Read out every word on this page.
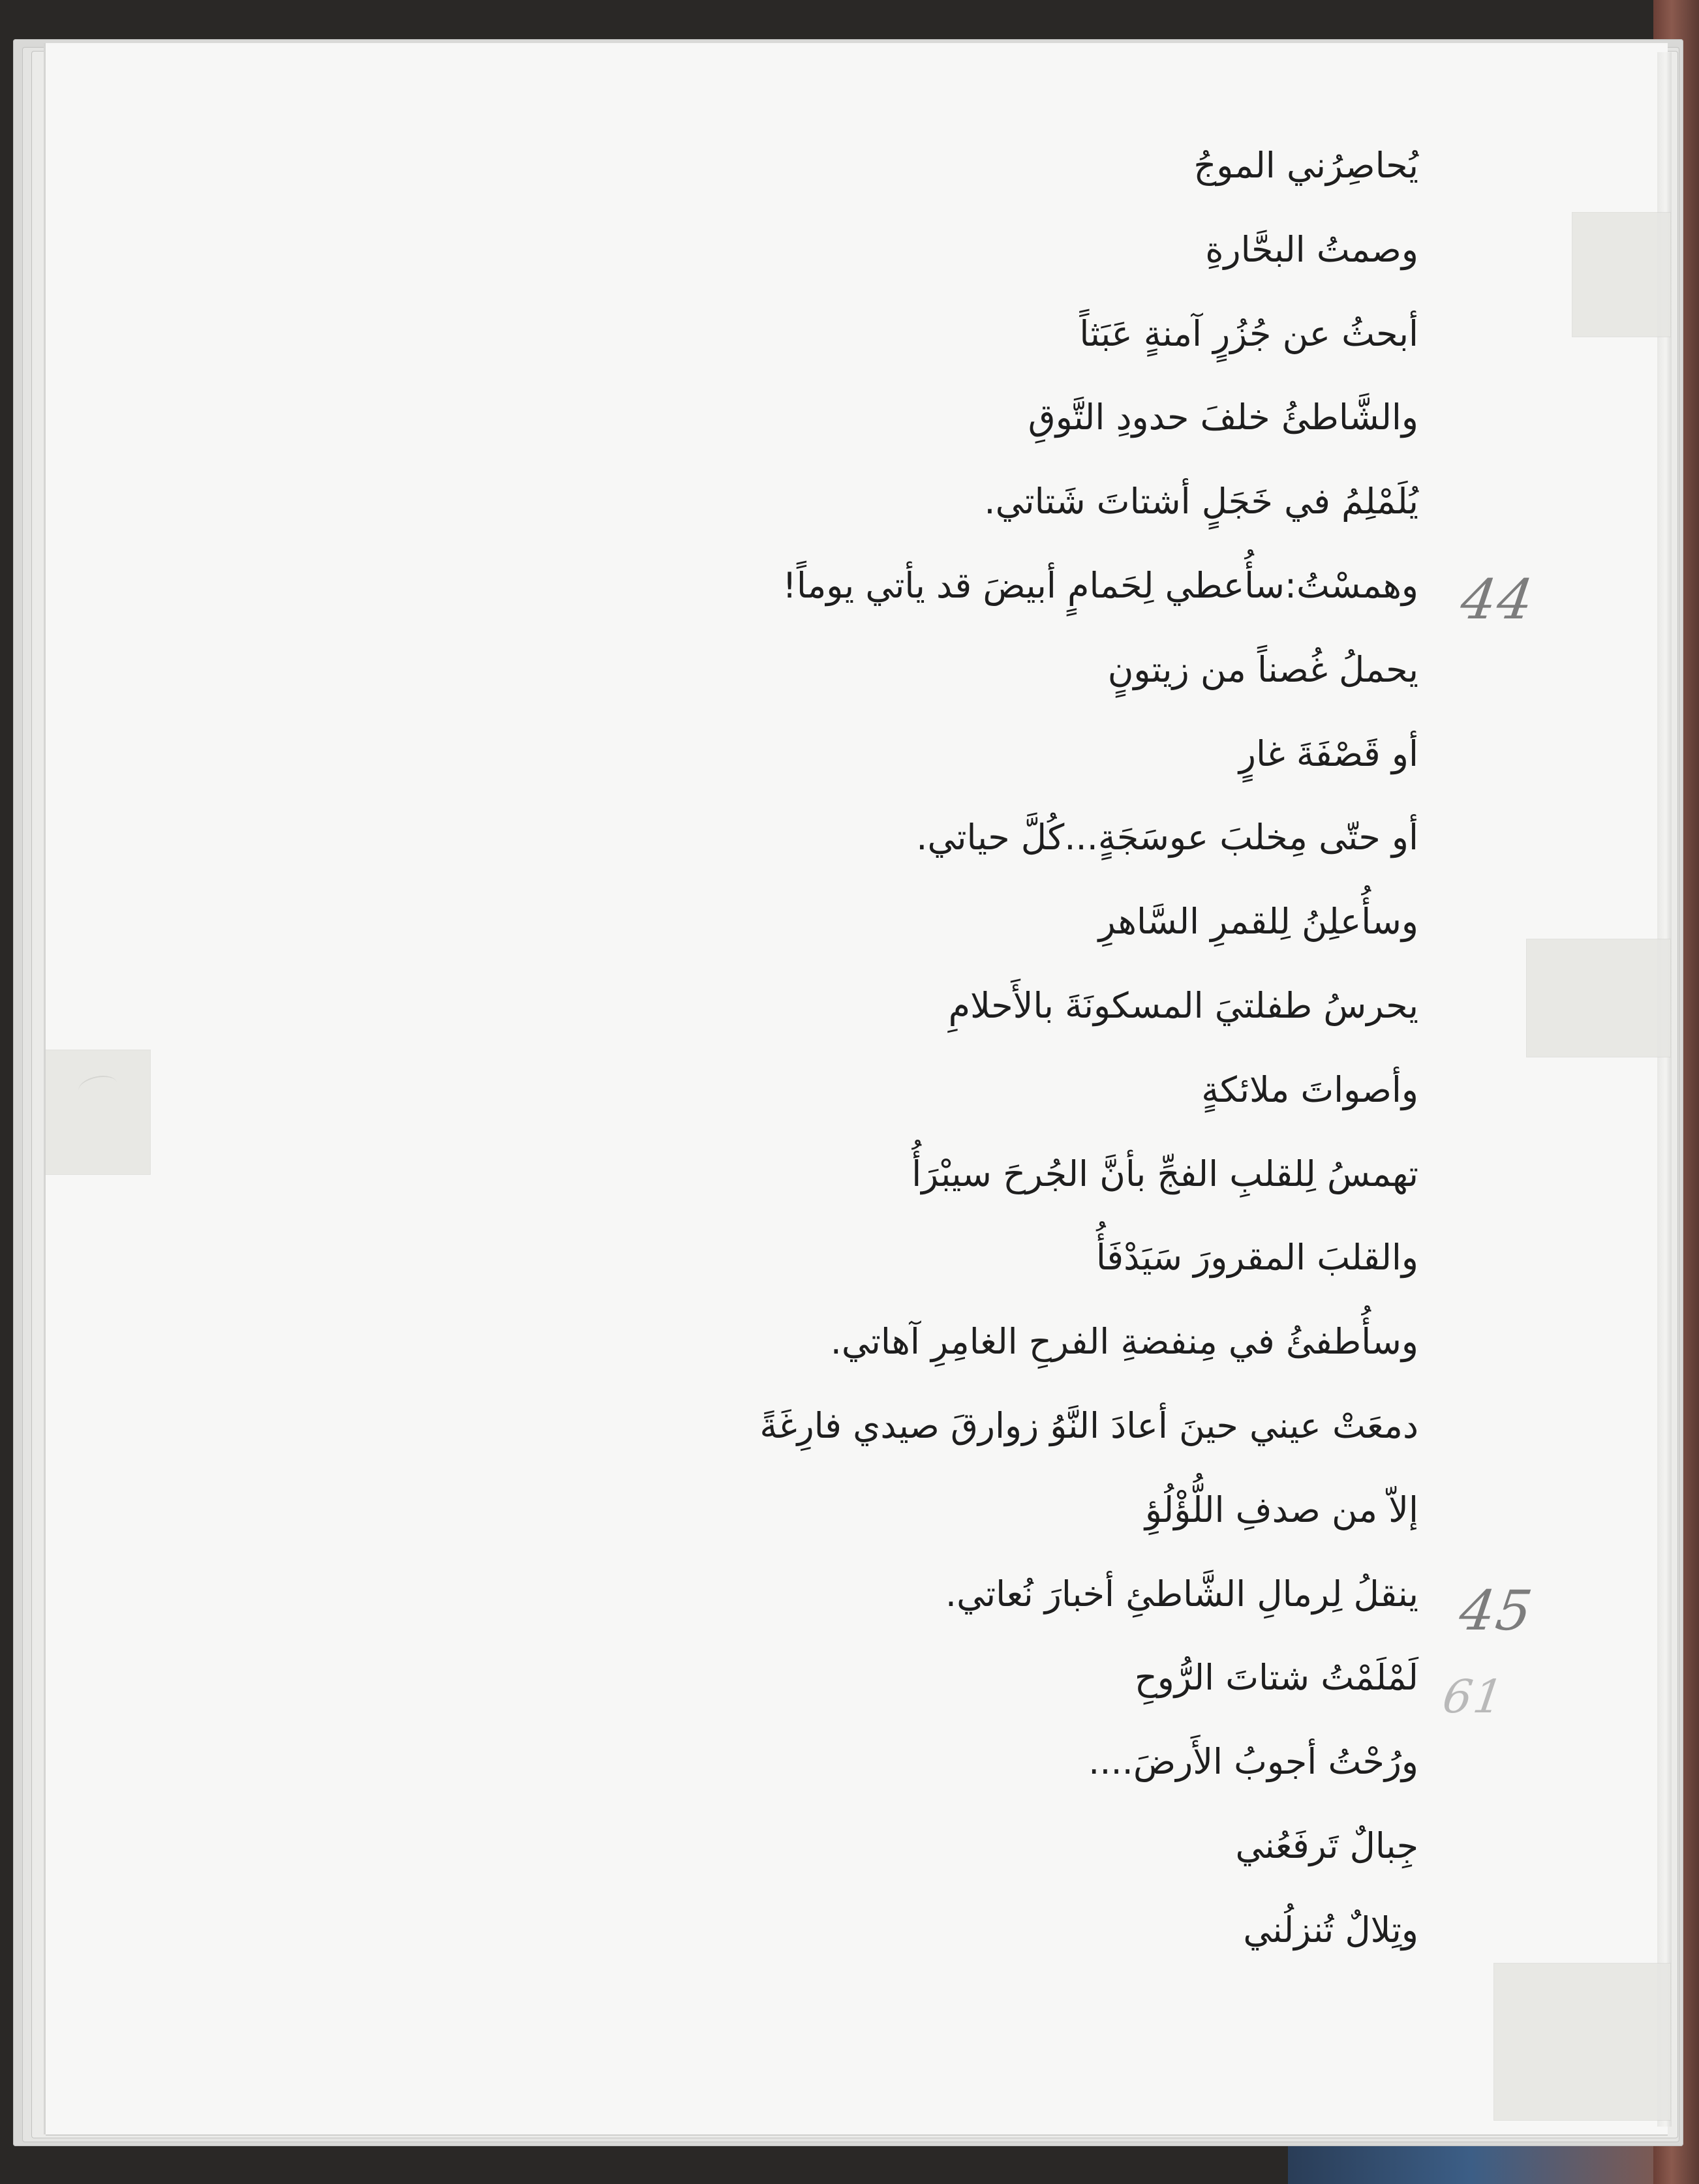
يُحاصِرُني الموجُ
وصمتُ البحَّارةِ
أبحثُ عن جُزُرٍ آمنةٍ عَبَثاً
والشَّاطئُ خلفَ حدودِ التَّوقِ
يُلَمْلِمُ في خَجَلٍ أشتاتَ شَتاتي.
وهمسْتُ:سأُعطي لِحَمامٍ أبيضَ قد يأتي يوماً!
يحملُ غُصناً من زيتونٍ
أو قَصْفَةَ غارٍ
أو حتّى مِخلبَ عوسَجَةٍ...كُلَّ حياتي.
وسأُعلِنُ لِلقمرِ السَّاهرِ
يحرسُ طفلتيَ المسكونَةَ بالأَحلامِ
وأصواتَ ملائكةٍ
تهمسُ لِلقلبِ الفجِّ بأنَّ الجُرحَ سيبْرَأُ
والقلبَ المقرورَ سَيَدْفَأُ
وسأُطفئُ في مِنفضةِ الفرحِ الغامِرِ آهاتي.
دمعَتْ عيني حينَ أعادَ النَّوُ زوارقَ صيدي فارِغَةً
إلاّ من صدفِ اللُّؤْلُؤِ
ينقلُ لِرمالِ الشَّاطئِ أخبارَ نُعاتي.
لَمْلَمْتُ شتاتَ الرُّوحِ
ورُحْتُ أجوبُ الأَرضَ....
جِبالٌ تَرفَعُني
وتِلالٌ تُنزلُني
44
45
61
